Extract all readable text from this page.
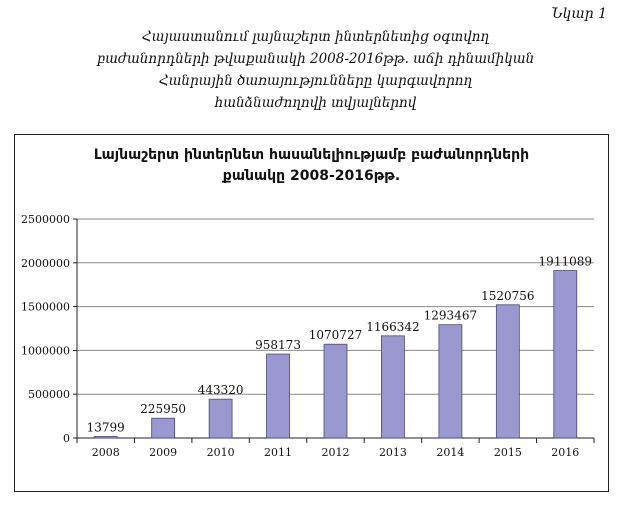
Նկար 1
Հայաստանում լայնաշերտ ինտերնետից օգտվող
բաժանորդների թվաքանակի 2008-2016թթ. աճի դինամիկան
Հանրային ծառայությունները կարգավորող
հանձնաժողովի տվյալներով
Լայնաշերտ ինտերնետ հասանելիությամբ բաժանորդների
քանակը 2008-2016թթ.
0
500000
1000000
1500000
2000000
2500000
13799
2008
225950
2009
443320
2010
958173
2011
1070727
2012
1166342
2013
1293467
2014
1520756
2015
1911089
2016
